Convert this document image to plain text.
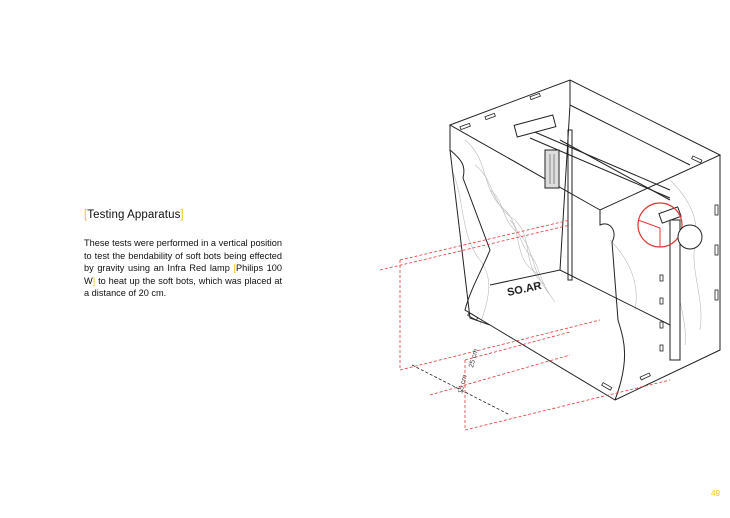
[Testing Apparatus]
These tests were performed in a vertical position to test the bendability of soft bots being effected by gravity using an Infra Red lamp [Philips 100 W] to heat up the soft bots, which was placed at a distance of 20 cm.	SO.AR
25 cm
15 cm
49
